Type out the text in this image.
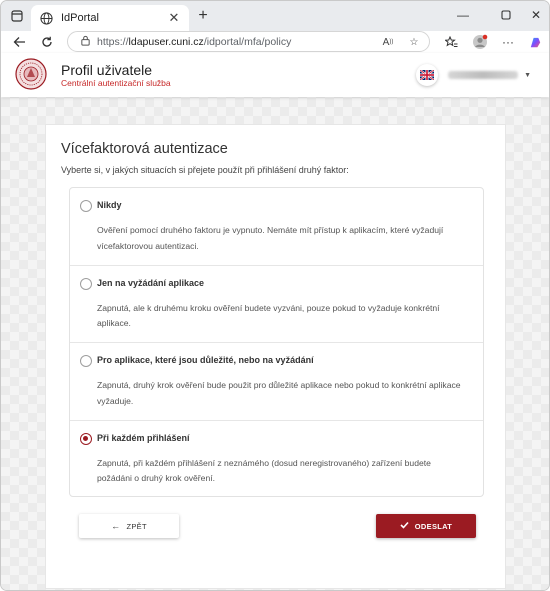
IdPortal	✕ +	—	✕
https://ldapuser.cuni.cz/idportal/mfa/policy	A ))	☆	···
Profil uživatele
Centrální autentizační služba
▼
Vícefaktorová autentizace
Vyberte si, v jakých situacích si přejete použít při přihlášení druhý faktor:
Nikdy
Ověření pomocí druhého faktoru je vypnuto. Nemáte mít přístup k aplikacím, které vyžadují vícefaktorovou autentizaci.
Jen na vyžádání aplikace
Zapnutá, ale k druhému kroku ověření budete vyzváni, pouze pokud to vyžaduje konkrétní aplikace.
Pro aplikace, které jsou důležité, nebo na vyžádání
Zapnutá, druhý krok ověření bude použit pro důležité aplikace nebo pokud to konkrétní aplikace vyžaduje.
Při každém přihlášení
Zapnutá, při každém přihlášení z neznámého (dosud neregistrovaného) zařízení budete požádáni o druhý krok ověření.
← ZPĚT	ODESLAT
